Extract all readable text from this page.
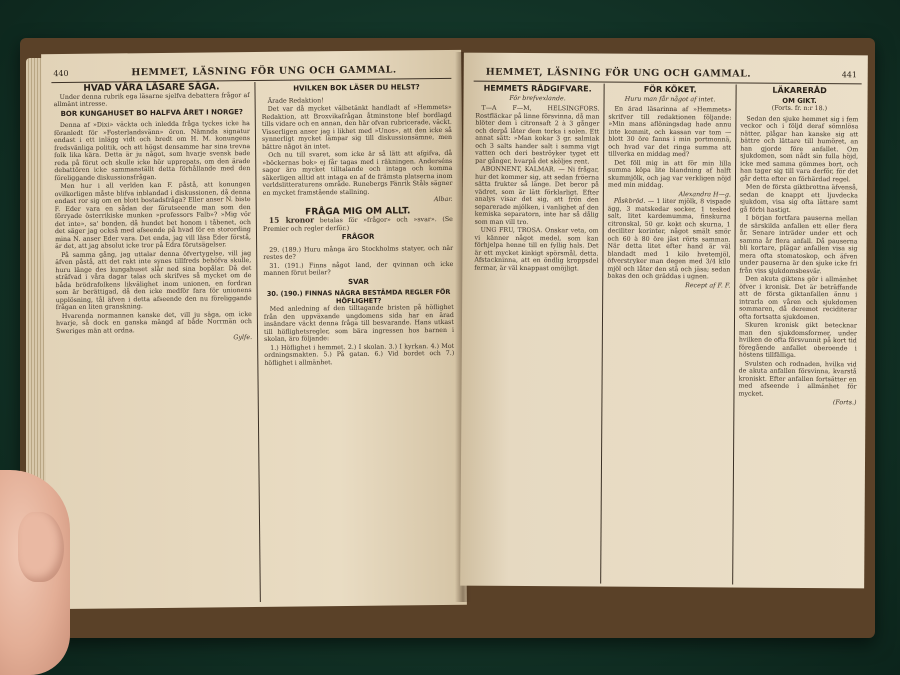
440	HEMMET, LÄSNING FÖR UNG OCH GAMMAL.
HVAD VÅRA LÄSARE SÄGA.

Under denna rubrik ega läsarne sjelfva debattera frågor af allmänt intresse.

BOR KUNGAHUSET BO HALFVA ÅRET I NORGE?

Denna af »Dixi» väckta och inledda fråga tyckes icke ha föranledt för »Fosterlandsvänn» öron. Nämnda signatur endast i ett inlägg vidt och bredt om H. M. konungens fredsvänliga politik, och att högst densamme har sina trevna folk lika kära. Detta är ju något, som hvarje svensk bade reda på förut och skulle icke hör upprepats, om den ärade debattören icke sammanställt detta förhållande med den föreliggande diskussionsfrågan.

Men hur i all verlden kan F. påstå, att konungen ovilkorligen måste blifva inblandad i diskussionen, då denna endast ror sig om en blott bostadsfråga? Eller anser N. biste F. Eder vara en sådan der förutseende man som den förryade österrikiske munken »professors Falb»? »Mig vör det inte», sa' bonden, då hundet bet honom i tåbenet, och det säger jag också med afseende på hvad för en storording mina N. anser Eder vara. Det enda, jag vill läsa Eder förstå, är det, att jag absolut icke tror på Edra förutsägelser.

På samma gång, jag uttalar denna öfvertygelse, vill jag äfven påstå, att det rakt inte synes tillfreds behöfva skulle, huru länge des kungahuset slår ned sina bopålar. Då det sträfvad i våra dagar talas och skrifves så mycket om de båda brödrafolkens likvälighet inom unionen, en fordran som är berättigad, då den icke medför fara för unionens upplösning, tål äfven i detta afseende den nu föreliggande frågan en liten granskning.

Hvarenda normannen kanske det, vill ju säga, om icke hvarje, så dock en ganska mängd af både Norrmän och Sweriges män att ordna.

Gylfe.
HVILKEN BOK LÄSER DU HELST?

Ärade Redaktion!

Det var då mycket välbetänkt handladt af »Hemmets» Redaktion, att Broxvikafrågan åtminstone blef bordlagd tills vidare och en annan, den här ofvan rubricerade, väckt. Visserligen anser jag i likhet med »Unos», att den icke så synnerligt mycket lämpar sig till diskussionsämne, men bättre något än intet.

Och nu till svaret, som icke är så lätt att afgifva, då »böckernas bok» ej får tagas med i räkningen. Anderséns sagor äro mycket tilltalande och intaga och komma säkerligen alltid att intaga en af de främsta platserna inom verldslitteraturens område. Runebergs Fänrik Ståls sägner en mycket framstående stallning.

Albar.
FRÅGA MIG OM ALLT.

15 kronor betalas för »frågor» och »svar». (Se Premier och regler derför.)

FRÅGOR

29. (189.) Huru många äro Stockholms statyer, och när restes de?

31. (191.) Finns något land, der qvinnan och icke mannen förut beilar?

SVAR
30. (190.) FINNAS NÅGRA BESTÄMDA REGLER FÖR HÖFLIGHET?

Med anledning af den tilltagande bristen på höflighet från den uppväxande ungdomens sida har en ärad insändare väckt denna fråga till besvarande. Hans utkast till höflighetsregler, som bära ingressen hos barnen i skolan, äro följande:

1.) Höflighet i hemmet. 2.) I skolan. 3.) I kyrkan. 4.) Mot ordningsmakten. 5.) På gatan. 6.) Vid bordet och 7.) höflighet i allmänhet.

HEMMET, LÄSNING FÖR UNG OCH GAMMAL.	441
HEMMETS RÅDGIFVARE.
För brefvexlande.

T—A F—M, HELSINGFORS. Rostfläckar på linne försvinna, då man blöter dem i citronsaft 2 à 3 gånger och derpå låter dem torka i solen. Ett annat sätt: »Man kokar 3 gr. salmiak och 3 salts hander salt i samma vigt vatten och deri beströyker tyget ett par gånger, hvarpå det sköljes rent.

ABONNENT, KALMAR. — Ni frågar, hur det kommer sig, att sedan fröerna sätta frukter så länge. Det beror på vädret, som är lätt förklarligt. Efter analys visar det sig, att frön den separerade mjölken, i vanlighet af den kemiska separatorn, inte har så dålig som man vill tro.

UNG FRU, TROSA. Onskar veta, om vi känner något medel, som kan förhjelpa henne till en fyllig hals. Det är ett mycket kinkigt spörsmål, detta. Afstackninna, att en öndlig kroppsdel fermar, är väl knappast omöjligt.

FÖR KÖKET.
Huru man får något af intet.

En ärad läsarinna af »Hemmets» skrifver till redaktionen följande: »Min mans aflöningsdag hade annu inte kommit, och kassan var tom — blott 30 öre fanns i min portmonnä, och hvad var det ringa summa att tillverka en middag med?

Det föll mig in att för min lilla summa köpa lite blandning af halft skummjölk, och jag var verkligen nöjd med min middag.

Alexandra H—g.

Påskbröd. — 1 liter mjölk, 8 vispade ägg, 3 matskedar socker, 1 tesked salt, litet kardemumma, finskurna citronskal, 50 gr. kokt och skurna, 1 deciliter korinter, något smält smör och 60 à 80 öre jäst rörts samman. När detta litet efter hand är väl blandadt med 1 kilo hvetemjöl, öfverstryker man degen med 3/4 kilo mjöl och låter den stå och jäsa; sedan bakas den och gräddas i ugnen.

Recept af F. F.
LÄKARERÅD
OM GIKT.
(Forts. fr. n:r 18.)

Sedan den sjuke hemmet sig i fem veckor och i följd deraf sömnlösa nätter, plågar han kanske sig att bättre och lättare till humöret, an han gjorde före anfallet. Om sjukdomen, som nådt sin fulla höjd, icke med samma gömmes bort, och han tager sig till vara derför, för det går detta efter en förhärdad regel.

Men de första giktbrottna äfvenså, sedan de knappt ett ljuvdecka sjukdom, visa sig ofta lättare samt gå förbi hastigt.

I början fortfara pauserna mellan de särskilda anfallen ett eller flera år. Senare inträder under ett och samma år flera anfall. Då pauserna bli kortare, plägar anfallen visa sig mera ofta stomatoskop, och äfven under pauserna är den sjuke icke fri från viss sjukdomsbesvär.

Den akuta giktens gör i allmänhet öfver i kronisk. Det är beträffande att de första giktanfallen ännu i intrarla om våren och sjukdomen sommaren, då deremot reciditerar ofta fortsatta sjukdomen.

Skuren kronisk gikt betecknar man den sjukdomsformer, under hvilken de ofta försvunnit på kort tid föregående anfallet oberoende i höstens tillfälliga.

Svulsten och rodnaden, hvilka vid de akuta anfallen försvinna, kvarstå kroniskt. Efter anfallen fortsätter en med afseende i allmänhet för mycket.

(Forts.)
